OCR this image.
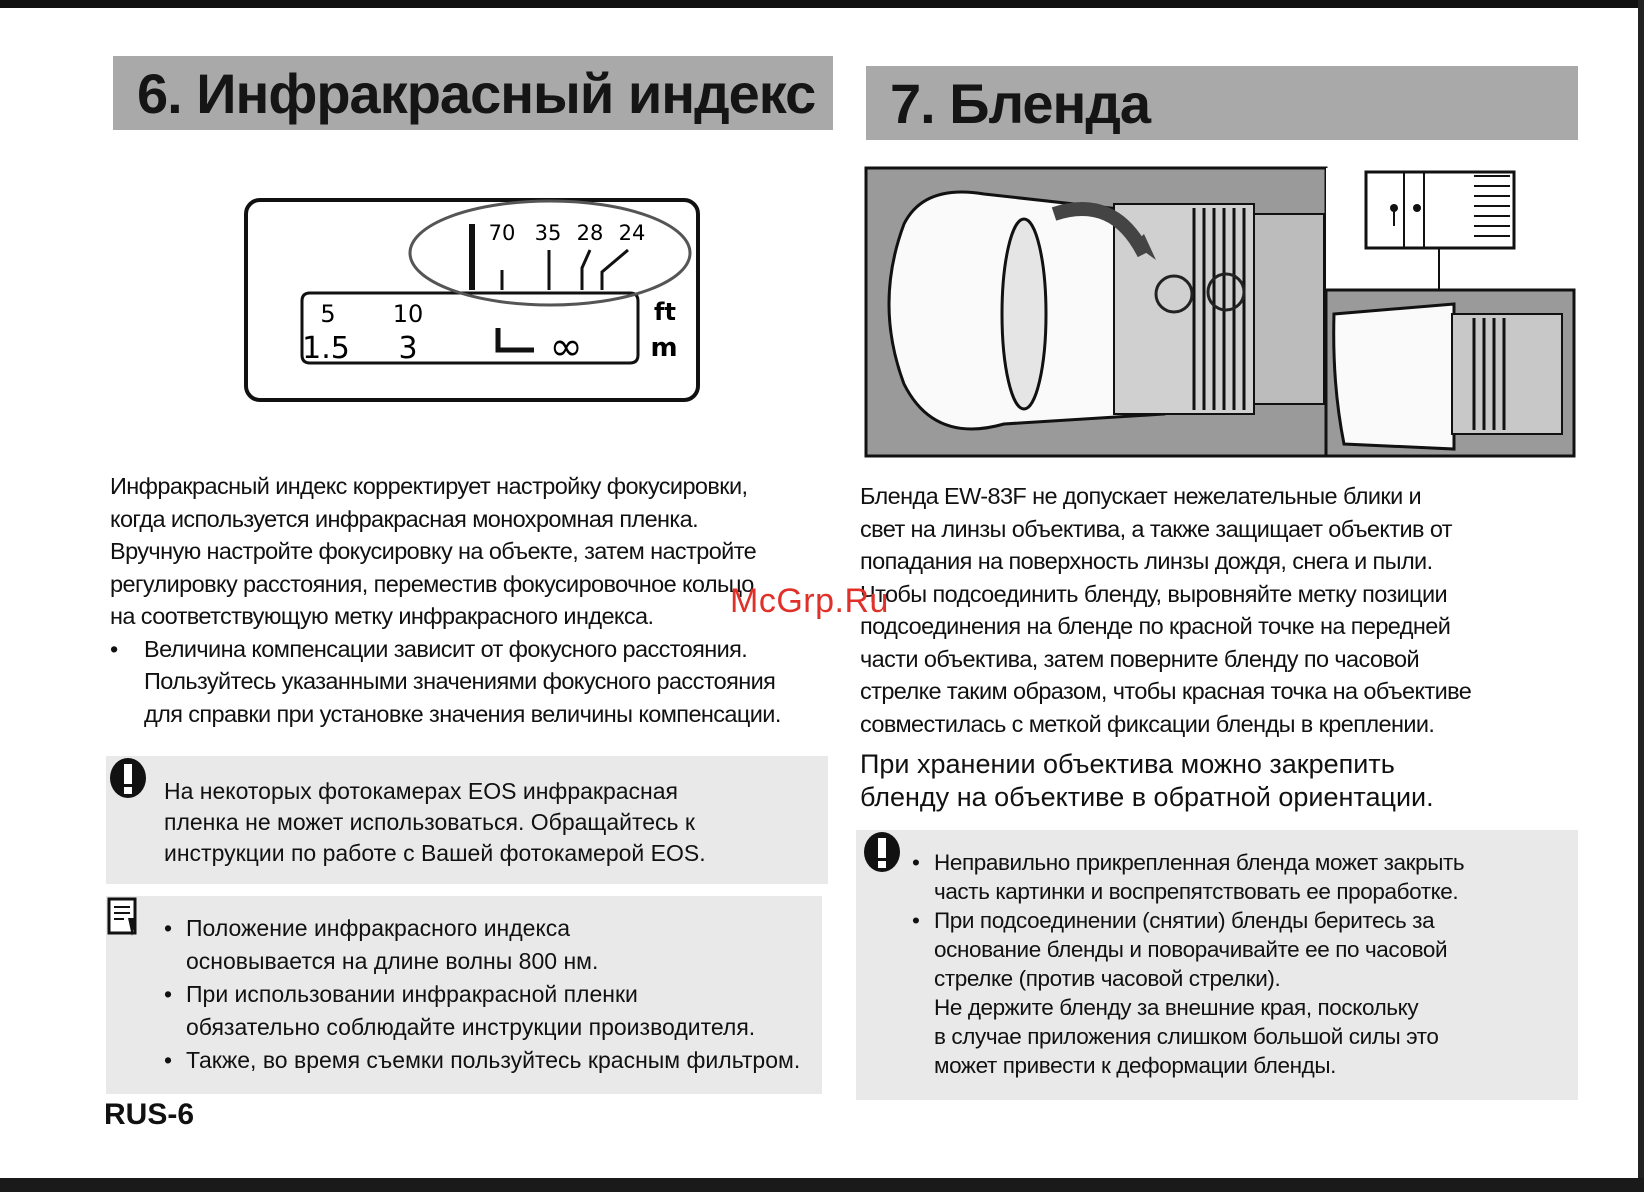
6. Инфракрасный индекс 7. Бленда
70 35 28 24
5 10
1.5 3	∞
ft
m

Инфракрасный индекс корректирует настройку фокусировки,

когда используется инфракрасная монохромная пленка.

Вручную настройте фокусировку на объекте, затем настройте

регулировку расстояния, переместив фокусировочное кольцо

на соответствующую метку инфракрасного индекса.

• Величина компенсации зависит от фокусного расстояния.

Пользуйтесь указанными значениями фокусного расстояния

для справки при установке значения величины компенсации.

На некоторых фотокамерах EOS инфракрасная

пленка не может использоваться. Обращайтесь к

инструкции по работе с Вашей фотокамерой EOS.

• Положение инфракрасного индекса

основывается на длине волны 800 нм.

• При использовании инфракрасной пленки

обязательно соблюдайте инструкции производителя.

• Также, во время съемки пользуйтесь красным фильтром.

RUS-6

Бленда EW-83F не допускает нежелательные блики и

свет на линзы объектива, а также защищает объектив от

попадания на поверхность линзы дождя, снега и пыли.

Чтобы подсоединить бленду, выровняйте метку позиции

подсоединения на бленде по красной точке на передней

части объектива, затем поверните бленду по часовой

стрелке таким образом, чтобы красная точка на объективе

совместилась с меткой фиксации бленды в креплении.

При хранении объектива можно закрепить

бленду на объективе в обратной ориентации.

• Неправильно прикрепленная бленда может закрыть

часть картинки и воспрепятствовать ее проработке.

• При подсоединении (снятии) бленды беритесь за

основание бленды и поворачивайте ее по часовой

стрелке (против часовой стрелки).

Не держите бленду за внешние края, поскольку

в случае приложения слишком большой силы это

может привести к деформации бленды.

McGrp.Ru
